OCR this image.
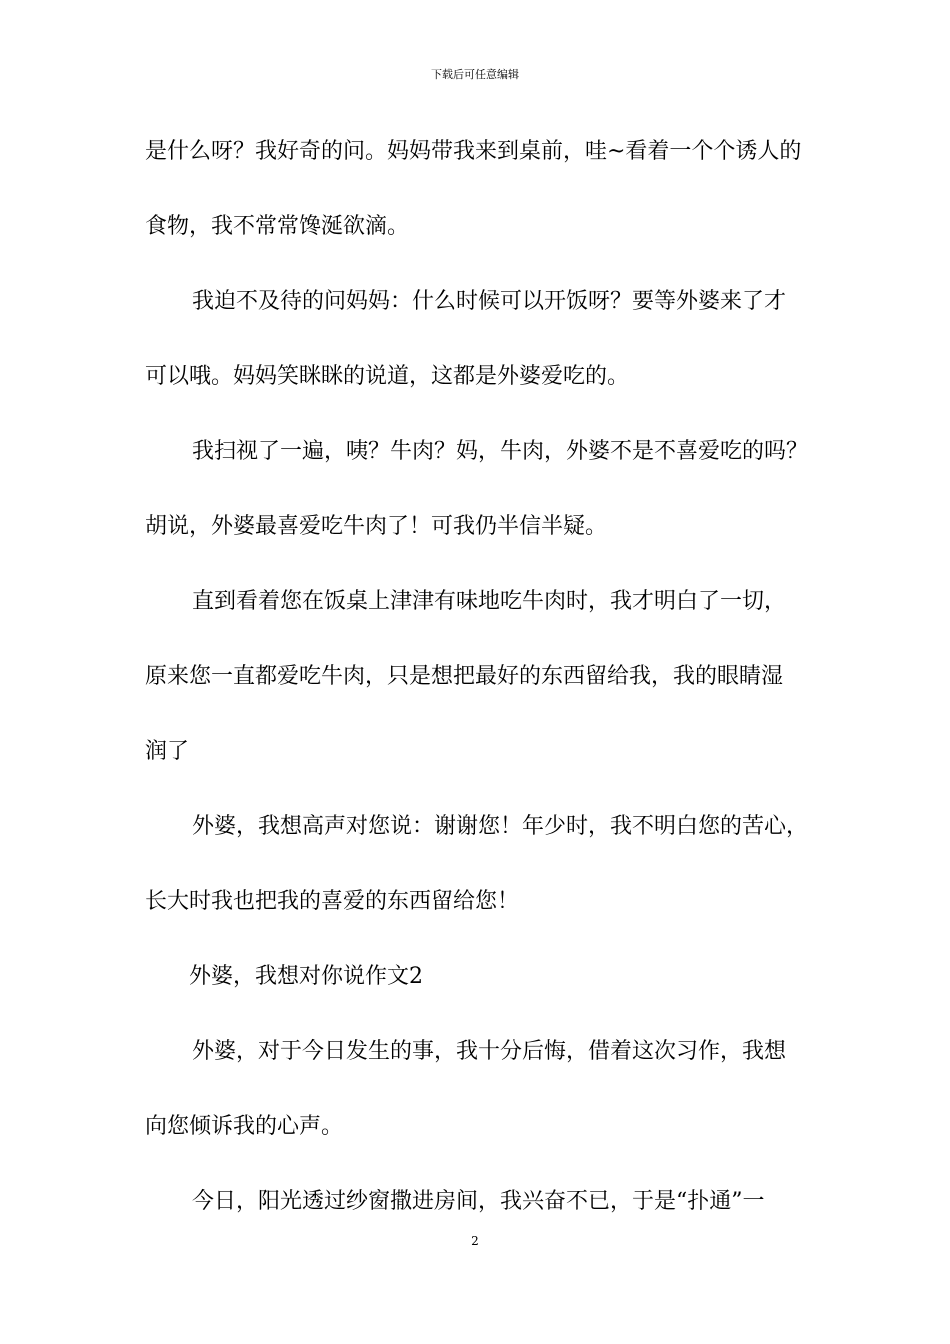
下载后可任意编辑
是什么呀？我好奇的问。妈妈带我来到桌前，哇~看着一个个诱人的
食物，我不常常馋涎欲滴。
我迫不及待的问妈妈：什么时候可以开饭呀？要等外婆来了才
可以哦。妈妈笑眯眯的说道，这都是外婆爱吃的。
我扫视了一遍，咦？牛肉？妈，牛肉，外婆不是不喜爱吃的吗？
胡说，外婆最喜爱吃牛肉了！可我仍半信半疑。
直到看着您在饭桌上津津有味地吃牛肉时，我才明白了一切，
原来您一直都爱吃牛肉，只是想把最好的东西留给我，我的眼睛湿
润了
外婆，我想高声对您说：谢谢您！年少时，我不明白您的苦心，
长大时我也把我的喜爱的东西留给您！
外婆，我想对你说作文2
外婆，对于今日发生的事，我十分后悔，借着这次习作，我想
向您倾诉我的心声。
今日，阳光透过纱窗撒进房间，我兴奋不已，于是“扑通”一
2
